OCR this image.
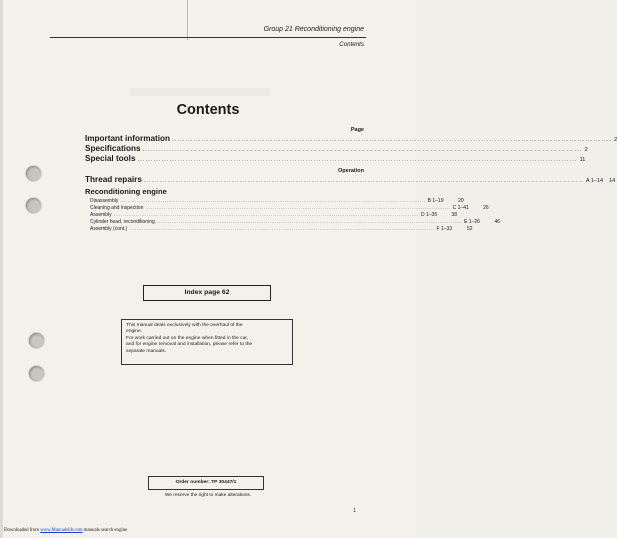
Group 21 Reconditioning engine
Contents
Contents
Page
Important information ..................................................................................................................................................................... 2
Specifications ..................................................................................................................................................................... 2
Special tools ..................................................................................................................................................................... 11
Operation
Thread repairs ..................................................................................................................................................................... A 1–14 14
Reconditioning engine
Disassembly ..................................................................................................................................................................... B 1–19	20
Cleaning and inspection ..................................................................................................................................................................... C 1–41	26
Assembly ..................................................................................................................................................................... D 1–35	38
Cylinder head, reconditioning ..................................................................................................................................................................... E 1–26	46
Assembly (cont.) ..................................................................................................................................................................... F 1–33	52
Index page 62
This manual deals exclusively with the overhaul of the
engine.
For work carried out on the engine when fitted in the car,
and for engine removal and installation, please refer to the
separate manuals.
Order number: TP 30447/1
We reserve the right to make alterations.
1
Downloaded from www.Manualslib.com manuals search engine
